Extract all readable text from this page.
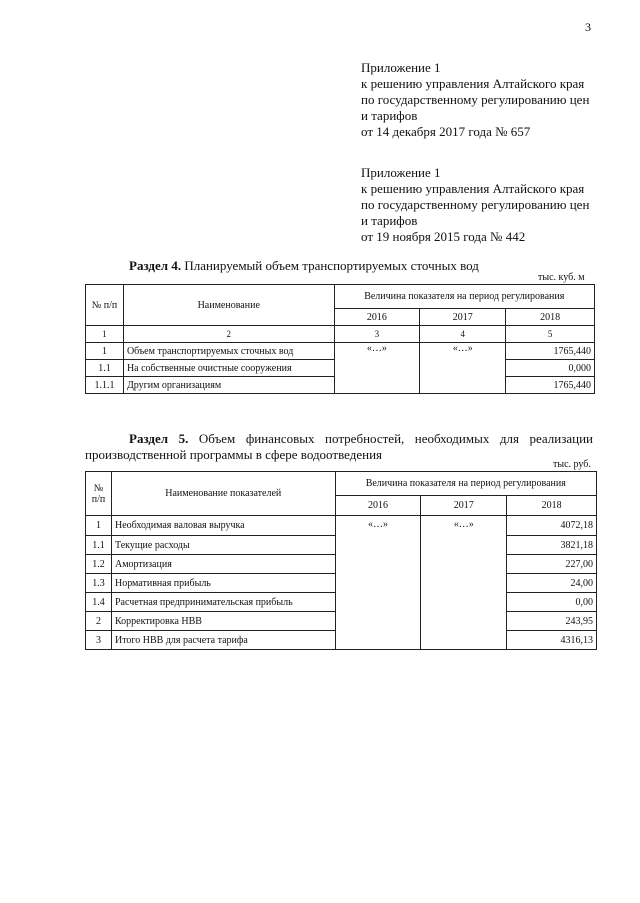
3
Приложение 1
к решению управления Алтайского края
по государственному регулированию цен
и тарифов
от 14 декабря 2017 года № 657
Приложение 1
к решению управления Алтайского края
по государственному регулированию цен
и тарифов
от 19 ноября 2015 года № 442
Раздел 4. Планируемый объем транспортируемых сточных вод
тыс. куб. м
№ п/п	Наименование	Величина показателя на период регулирования		
		2016	2017	2018
1	2	3	4	5
1	Объем транспортируемых сточных вод	«…»	«…»	1765,440
1.1	На собственные очистные сооружения			0,000
1.1.1	Другим организациям			1765,440
Раздел 5. Объем финансовых потребностей, необходимых для реализации производственной программы в сфере водоотведения
тыс. руб.
№ п/п	Наименование показателей	Величина показателя на период регулирования		
		2016	2017	2018
1	Необходимая валовая выручка	«…»	«…»	4072,18
1.1	Текущие расходы			3821,18
1.2	Амортизация			227,00
1.3	Нормативная прибыль			24,00
1.4	Расчетная предпринимательская прибыль			0,00
2	Корректировка НВВ			243,95
3	Итого НВВ для расчета тарифа			4316,13
